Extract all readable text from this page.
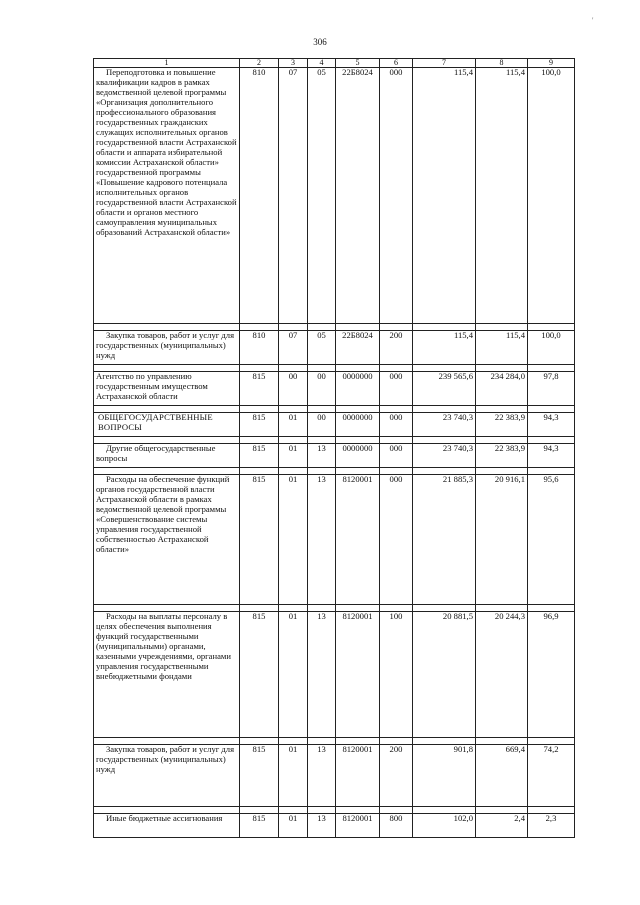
306
'
1	2	3	4	5	6	7	8	9

Переподготовка и повышение квалификации кадров в рамках ведомственной целевой программы «Организация дополнительного профессионального образования государственных гражданских служащих исполнительных органов государственной власти Астраханской области и аппарата избирательной комиссии Астраханской области» государственной программы «Повышение кадрового потенциала исполнительных органов государственной власти Астраханской области и органов местного самоуправления муниципальных образований Астраханской области»	810	07	05	22Б8024	000	115,4	115,4	100,0

Закупка товаров, работ и услуг для государственных (муниципальных) нужд	810	07	05	22Б8024	200	115,4	115,4	100,0

Агентство по управлению государственным имуществом Астраханской области	815	00	00	0000000	000	239 565,6	234 284,0	97,8

ОБЩЕГОСУДАРСТВЕННЫЕ ВОПРОСЫ	815	01	00	0000000	000	23 740,3	22 383,9	94,3

Другие общегосударственные вопросы	815	01	13	0000000	000	23 740,3	22 383,9	94,3

Расходы на обеспечение функций органов государственной власти Астраханской области в рамках ведомственной целевой программы «Совершенствование системы управления государственной собственностью Астраханской области»	815	01	13	8120001	000	21 885,3	20 916,1	95,6

Расходы на выплаты персоналу в целях обеспечения выполнения функций государственными (муниципальными) органами, казенными учреждениями, органами управления государственными внебюджетными фондами	815	01	13	8120001	100	20 881,5	20 244,3	96,9

Закупка товаров, работ и услуг для государственных (муниципальных) нужд	815	01	13	8120001	200	901,8	669,4	74,2

Иные бюджетные ассигнования	815	01	13	8120001	800	102,0	2,4	2,3
